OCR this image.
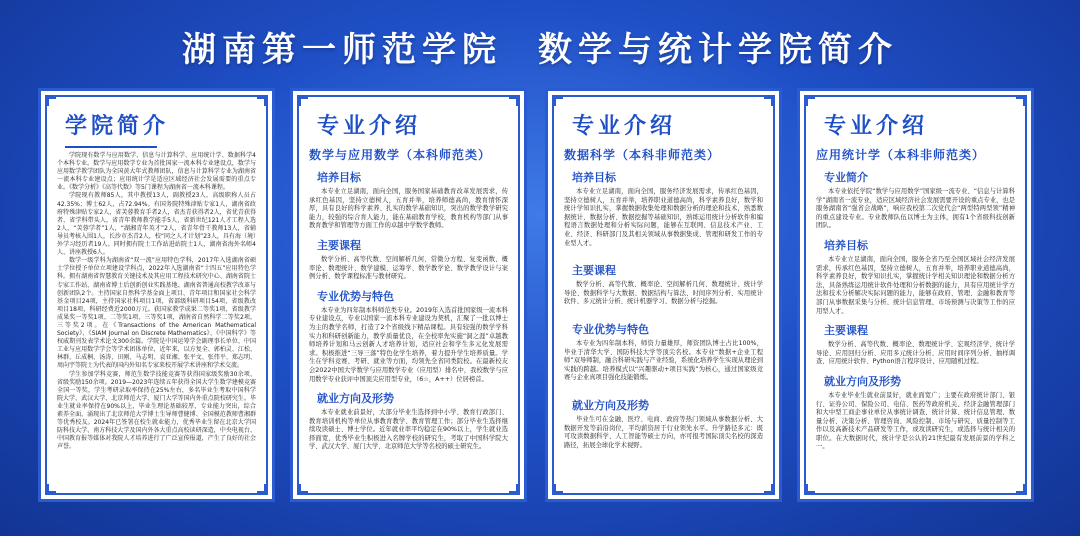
湖南第一师范学院 数学与统计学院简介
学院简介

学院现有数学与应用数学、信息与计算科学、应用统计学、数据科学4个本科专业。数学与应用数学专业为首批国家一流本科专业建设点，数学与应用数学教学团队为全国黄大年式教师团队，信息与计算科学专业为湖南省一流本科专业建设点；应用统计学是适应区域经济社会发展需要的重点专业。《数学分析》《高等代数》等5门课程为湖南省一流本科课程。

学院现有教师85人，其中教授13人，副教授23人，高级职称人员占42.35%；博士62人，占72.94%。有国务院特殊津贴专家1人，湖南省政府特殊津贴专家2人，省芙蓉教育手者2人，省杰青获得者2人，省优青获得者，省学科带头人，省青年教师教学能手5人，省新世纪121人才工程人选2人，“芙蓉学者”1人，“湖湘青年英才”2人，省青年骨干教师13人，省辅导员考核入围1人，长沙市杰青2人，校“同之人才计划”23人，具有海（境）外学习经历者19人。同时拥有院士工作站进站院士1人，湖南省海外名师4人、讲座教授6人。

数学一级学科为湖南省“双一流”应用特色学科，2017年入选湖南省硕士学位授予单位立项建设学科点，2022年入选湖南省“十四五”应用特色学科。拥有湖南省智慧教育关键技术及其应用工程技术研究中心、湖南省院士专家工作站、湖南省博士后创新创业实践基地、湖南省普通高校教学改革与创新团队2个。主持国家自然科学基金面上项目、青年项目和国家社会科学基金项目24项，主持国家社科项目1项，省部级科研项目54项，省级教改项目18项，科研经费近2000万元。获国家教学成果二等奖1项，省级教学成果奖一等奖1项、二等奖1项、三等奖1项，湖南省自然科学二等奖2项，三等奖2项。在《Transactions of the American Mathematical Society》、《SIAM Journal on Discrete Mathematics》、《中国科学》等权威期刊发表学术论文300余篇。学院是中国运筹学会副理事长单位、中国工业与应用数学学会等学术团体单位，近年来，以方复全、郭柏灵、江松、林群、丘成桐、汤涛、田刚、马志明、袁亚湘、张平文、张伟平、郑志明、周向宇等院士为代表的国内外知名专家来校开展学术讲座和学术交流。

学生参加学科竞赛，师范生数学技能竞赛等获得国家级奖励30余项、省级奖励150余项。2019—2023年连续五年获得全国大学生数学建模竞赛全国一等奖，学生考研录取率保持在25%左右，多名毕业生考取中国科学院大学、武汉大学、北京师范大学、厦门大学等国内外重点院校研究生。毕业生就业率保持在90%以上，毕业生理论基础较厚，专业能力突出，综合素养全面，涌现出了北京师范大学博士生导师曹健博、全国模范教师曹湘群等优秀校友。2024年已签署在校生就业能力，优秀毕业生留在北京大学国防科技大学、南方科技大学及国内外各大重点高校读研深造，中央电视台、中国教育报等媒体对我院人才培养进行了广泛宣传报道，产生了良好的社会声誉。

专业介绍
数学与应用数学（本科师范类）
培养目标

本专业立足湖南，面向全国，服务国家基础教育改革发展需求，传承红色基因，坚持立德树人，五育并举，培养师德高尚，教育情怀深厚，具有良好的科学素养、扎实的数学基础知识，突出的数学教学研究能力，较强的综合育人能力，能在基础教育学校，教育机构等部门从事教育教学和管理等方面工作的卓越中学数学教师。

主要课程

数学分析、高等代数、空间解析几何、常微分方程、复变函数、概率论、数理统计、数学建模、运筹学、数学教学论、数学教学设计与案例分析、数学课程标准与教材研究。

专业优势与特色

本专业为四年制本科师范类专业。2019年入选首批国家级一流本科专业建设点，专业以国家一流本科专业建设为契机，汇聚了一批以博士为主的教学名师，打造了2个省级线下精品课程。具有较强的数学学科实力和科研创新能力，教学质量优良，在全校率先实施“洞之涯”卓越教师培养计划和马云创新人才培养计划，适应社会和学生多元化发展需求。积极推进“三导三落”特色化学生培养，着力提升学生培养质量。学生在学科竞赛、考研、就业等方面，均领先全省同类院校。在最新校友会2022中国大学数学与应用数学专业（应用型）排名中，我校数学与应用数学专业获评中国顶尖应用型专业，（6☆，A++）位居榜首。

就业方向及形势

本专业就业前景好，大部分毕业生选择到中小学、教育行政部门、教育培训机构等单位从事教育教学、教育管理工作；部分毕业生选择继续攻读硕士、博士学位。近年就业率平均稳定在90%以上，学生就业选择面宽，优秀毕业生积极进入名牌学校的研究生，考取了中国科学院大学、武汉大学、厦门大学、北京师范大学等名校的硕士研究生。

专业介绍
数据科学（本科非师范类）
培养目标

本专业立足湖南，面向全国，服务经济发展需求，传承红色基因，坚持立德树人，五育并举，培养职业道德高尚，科学素养良好，数学和统计学知识扎实，掌握数据收集处理和数据分析的理论和技术，熟悉数据统计、数据分析、数据挖掘等基础知识，熟练运用统计分析软件和编程语言数据处理和分析实际问题，能够在互联网、信息技术产业、工业、经济、科研部门及其相关领域从事数据集成、管理和研发工作的专业型人才。

主要课程

数学分析、高等代数、概率论、空间解析几何、数理统计、统计学导论、数据科学与大数据、数据结构与算法、时间序列分析、实用统计软件、多元统计分析、统计机器学习、数据分析与挖掘。

专业优势与特色

本专业为四年制本科，师资力量雄厚，师资团队博士占比100%，毕业于清华大学、国防科技大学等顶尖名校。本专业“数据+企业工程师”双导师制，融合科研实践与产业经验，系统化培养学生实现从理论到实践的跨越。培养模式以“兴趣驱动+项目实践”为核心，通过国家级竞赛与企业真项目强化技能锻炼。

就业方向及形势

毕业生可在金融、医疗、电商、政府等热门领域从事数据分析、大数据开发等前沿岗位，平均薪资居于行业领先水平。升学路径多元：既可攻读数据科学、人工智能等硕士方向，亦可报考国际顶尖名校的深造路径，拓展全球化学术视野。

专业介绍
应用统计学（本科非师范类）
专业简介

本专业依托学院“数学与应用数学”国家级一流专业、“信息与计算科学”湖南省一流专业，适应区域经济社会发展需要开设的重点专业，也是服务湖南省“强省会战略”，响应我校第二次党代会“两型特两型领”精神的重点建设专业。专业教师队伍以博士为主体，拥有1个省级科技创新团队。

培养目标

本专业立足湖南，面向全国，服务全省乃至全国区域社会经济发展需求，传承红色基因，坚持立德树人，五育并举，培养职业道德高尚，科学素养良好，数学知识扎实，掌握统计学相关知识理论和数据分析方法，具备熟练运用统计软件处理和分析数据的能力，具有应用统计学方法和技术分析解决实际问题的能力，能够在政府、管理、金融和教育等部门从事数据采集与分析、统计信息管理、市场预测与决策等工作的应用型人才。

主要课程

数学分析、高等代数、概率论、数理统计学、宏观经济学、统计学导论、应用回归分析、应用多元统计分析、应用时间序列分析、抽样调查、应用统计软件、Python语言程序设计、应用随机过程。

就业方向及形势

本专业毕业生就业前景好，就业面宽广；主要在政府统计部门、银行、证券公司、保险公司、电信、医药等政府机关、经济金融管理部门和大中型工商企事业单位从事统计调查、统计计算、统计信息管理、数量分析、决策分析、管理咨询、风险控制、市场与研究、质量控制等工作以及高新技术产品研发等工作，或攻读研究生，或选择与统计相关的职位。在大数据时代，统计学是公认的21世纪最有发展前景的学科之一。
